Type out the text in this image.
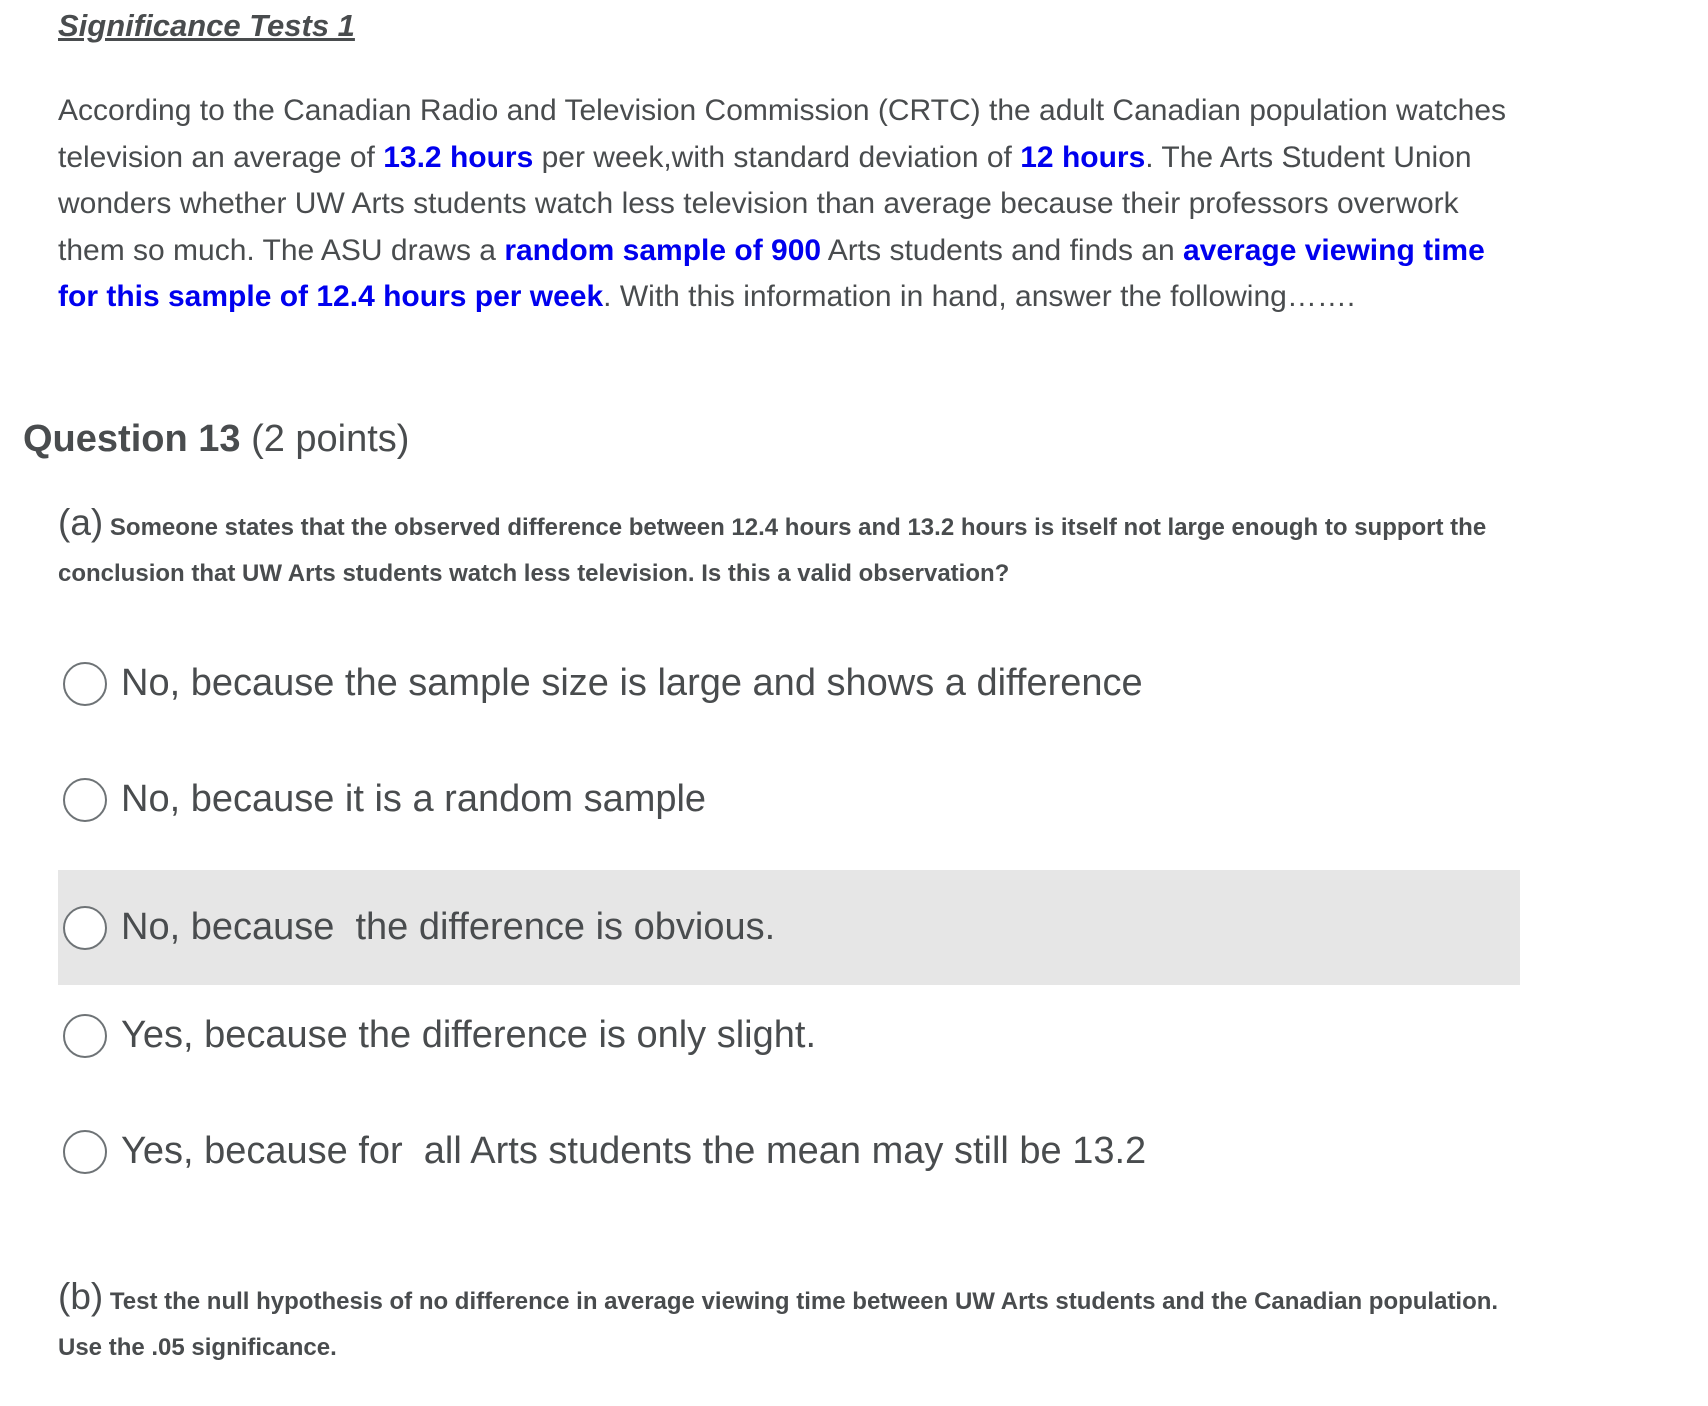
Significance Tests 1

According to the Canadian Radio and Television Commission (CRTC) the adult Canadian population watches television an average of 13.2 hours per week,with standard deviation of 12 hours. The Arts Student Union wonders whether UW Arts students watch less television than average because their professors overwork them so much. The ASU draws a random sample of 900 Arts students and finds an average viewing time for this sample of 12.4 hours per week. With this information in hand, answer the following…….

Question 13 (2 points)

(a) Someone states that the observed difference between 12.4 hours and 13.2 hours is itself not large enough to support the conclusion that UW Arts students watch less television. Is this a valid observation?

No, because the sample size is large and shows a difference
No, because it is a random sample
No, because  the difference is obvious.
Yes, because the difference is only slight.
Yes, because for  all Arts students the mean may still be 13.2

(b) Test the null hypothesis of no difference in average viewing time between UW Arts students and the Canadian population. Use the .05 significance.
